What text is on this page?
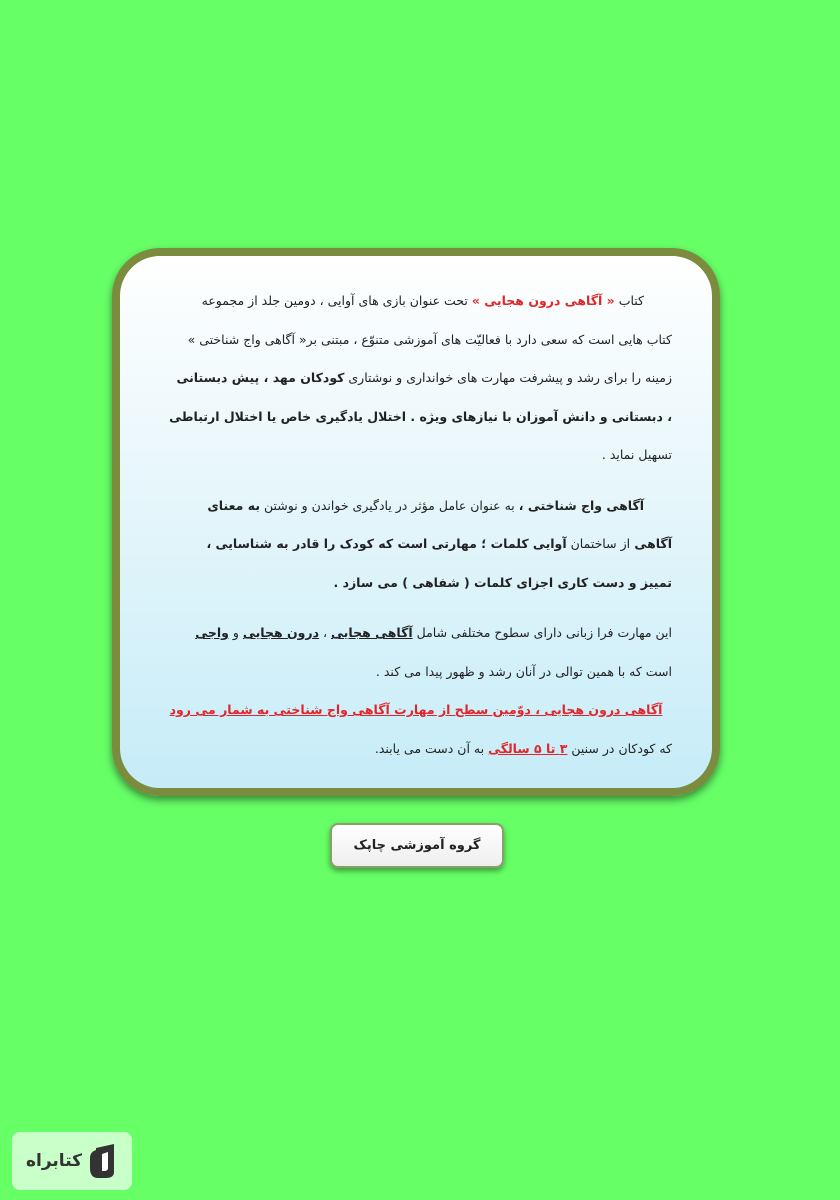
کتاب « آگاهی درون هجایی » تحت عنوان بازی های آوایی ، دومین جلد از مجموعه
کتاب هایی است که سعی دارد با فعالیّت های آموزشی متنوّع ، مبتنی بر« آگاهی واج شناختی »
زمینه را برای رشد و پیشرفت مهارت های خوانداری و نوشتاری کودکان مهد ، پیش دبستانی
، دبستانی و دانش آموزان با نیازهای ویژه . اختلال یادگیری خاص یا اختلال ارتباطی
تسهیل نماید .
آگاهی واج شناختی ، به عنوان عامل مؤثر در یادگیری خواندن و نوشتن به معنای
آگاهی از ساختمان آوایی کلمات ؛ مهارتی است که کودک را قادر به شناسایی ،
تمییز و دست کاری اجزای کلمات ( شفاهی ) می سازد .
این مهارت فرا زبانی دارای سطوح مختلفی شامل آگاهی هجایی ، درون هجایی و واجی
است که با همین توالی در آنان رشد و ظهور پیدا می کند .
آگاهی درون هجایی ، دوّمین سطح از مهارت آگاهی واج شناختی به شمار می رود
که کودکان در سنین ۳ تا ۵ سالگی به آن دست می یابند.
گروه آموزشی چاپک
کتابراه
